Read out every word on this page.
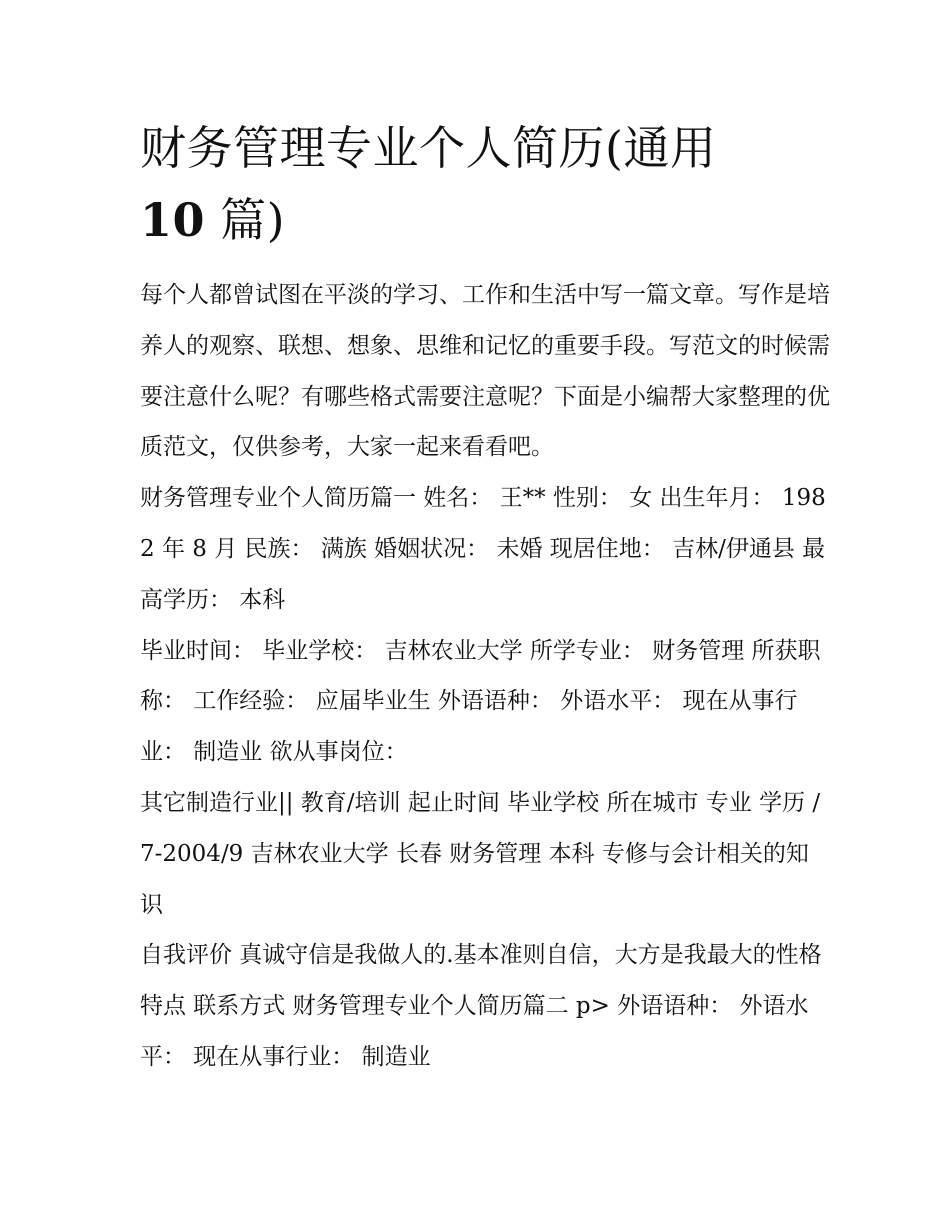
财务管理专业个人简历(通用
10 篇)

每个人都曾试图在平淡的学习、工作和生活中写一篇文章。写作是培养人的观察、联想、想象、思维和记忆的重要手段。写范文的时候需要注意什么呢？有哪些格式需要注意呢？下面是小编帮大家整理的优质范文，仅供参考，大家一起来看看吧。

财务管理专业个人简历篇一 姓名： 王** 性别： 女 出生年月： 1982 年 8 月 民族： 满族 婚姻状况： 未婚 现居住地： 吉林/伊通县 最高学历： 本科

毕业时间： 毕业学校： 吉林农业大学 所学专业： 财务管理 所获职称： 工作经验： 应届毕业生 外语语种： 外语水平： 现在从事行业： 制造业 欲从事岗位：

其它制造行业|| 教育/培训 起止时间 毕业学校 所在城市 专业 学历 /7-2004/9 吉林农业大学 长春 财务管理 本科 专修与会计相关的知识

自我评价 真诚守信是我做人的.基本准则自信，大方是我最大的性格特点 联系方式 财务管理专业个人简历篇二 p> 外语语种： 外语水平： 现在从事行业： 制造业
